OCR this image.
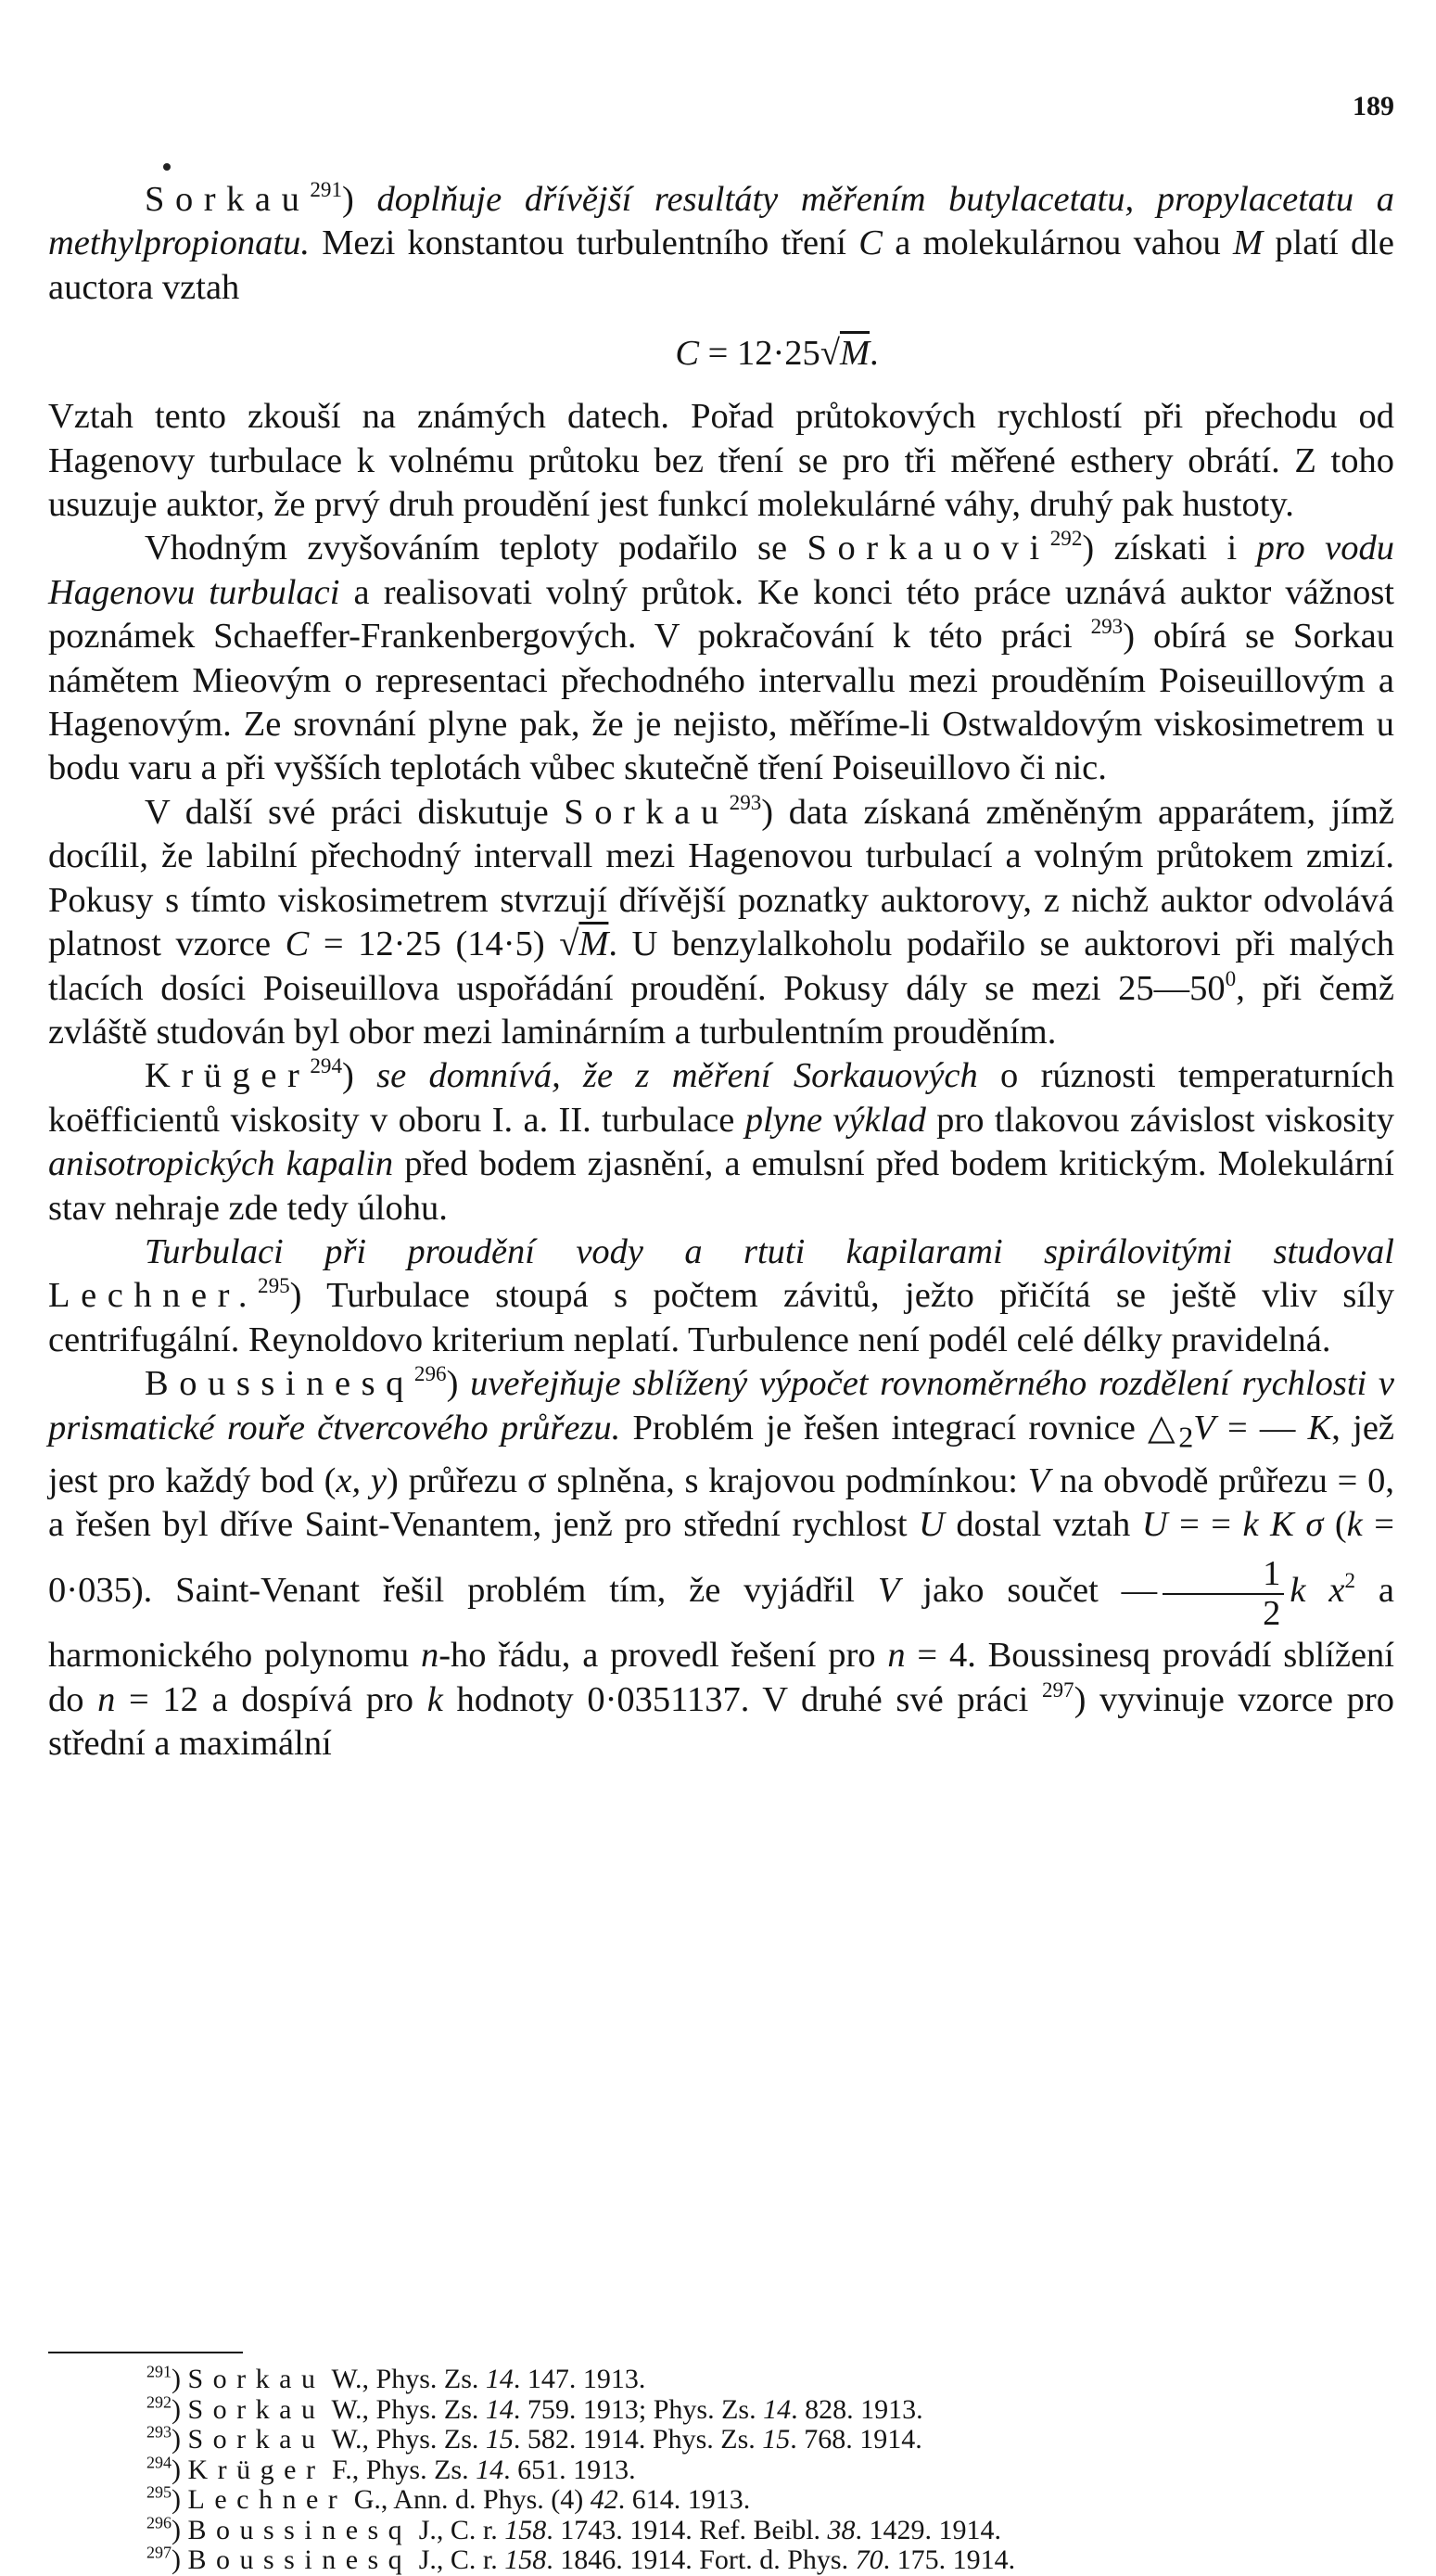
189

Sorkau$^{291}$) doplňuje dřívější resultáty měřením butylacetatu, propylacetatu a methylpropionatu. Mezi konstantou turbulentního tření C a molekulárnou vahou M platí dle auctora vztah

C = 12·25√M.

Vztah tento zkouší na známých datech. Pořad průtokových rychlostí při přechodu od Hagenovy turbulace k volnému průtoku bez tření se pro tři měřené esthery obrátí. Z toho usuzuje auktor, že prvý druh proudění jest funkcí molekulárné váhy, druhý pak hustoty.

Vhodným zvyšováním teploty podařilo se Sorkauovi$^{292}$) získati i pro vodu Hagenovu turbulaci a realisovati volný průtok. Ke konci této práce uznává auktor vážnost poznámek Schaeffer-Frankenbergových. V pokračování k této práci $^{293}$) obírá se Sorkau námětem Mieovým o representaci přechodného intervallu mezi prouděním Poiseuillovým a Hagenovým. Ze srovnání plyne pak, že je nejisto, měříme-li Ostwaldovým viskosimetrem u bodu varu a při vyšších teplotách vůbec skutečně tření Poiseuillovo či nic.

V další své práci diskutuje Sorkau$^{293}$) data získaná změněným apparátem, jímž docílil, že labilní přechodný intervall mezi Hagenovou turbulací a volným průtokem zmizí. Pokusy s tímto viskosimetrem stvrzují dřívější poznatky auktorovy, z nichž auktor odvolává platnost vzorce C = 12·25 (14·5) √M. U benzylalkoholu podařilo se auktorovi při malých tlacích dosíci Poiseuillova uspořádání proudění. Pokusy dály se mezi $25—50^0$, při čemž zvláště studován byl obor mezi laminárním a turbulentním prouděním.

Krüger$^{294}$) se domnívá, že z měření Sorkauových o rúznosti temperaturních koëfficientů viskosity v oboru I. a. II. turbulace plyne výklad pro tlakovou závislost viskosity anisotropických kapalin před bodem zjasnění, a emulsní před bodem kritickým. Molekulární stav nehraje zde tedy úlohu.

Turbulaci při proudění vody a rtuti kapilarami spirálovitými studoval Lechner.$^{295}$) Turbulace stoupá s počtem závitů, ježto přičítá se ještě vliv síly centrifugální. Reynoldovo kriterium neplatí. Turbulence není podél celé délky pravidelná.

Boussinesq$^{296}$) uveřejňuje sblížený výpočet rovnoměrného rozdělení rychlosti v prismatické rouře čtvercového průřezu. Problém je řešen integrací rovnice $\triangle_2V$ = — K, jež jest pro každý bod (x, y) průřezu σ splněna, s krajovou podmínkou: V na obvodě průřezu = 0, a řešen byl dříve Saint-Venantem, jenž pro střední rychlost U dostal vztah U = = k K σ (k = 0·035). Saint-Venant řešil problém tím, že vyjádřil V jako součet — $\frac{1}{2}$ k $x^2$ a harmonického polynomu n-ho řádu, a provedl řešení pro n = 4. Boussinesq provádí sblížení do n = 12 a dospívá pro k hodnoty 0·0351137. V druhé své práci $^{297}$) vyvinuje vzorce pro střední a maximální

$^{291}$) Sorkau W., Phys. Zs. 14. 147. 1913.
$^{292}$) Sorkau W., Phys. Zs. 14. 759. 1913; Phys. Zs. 14. 828. 1913.
$^{293}$) Sorkau W., Phys. Zs. 15. 582. 1914. Phys. Zs. 15. 768. 1914.
$^{294}$) Krüger F., Phys. Zs. 14. 651. 1913.
$^{295}$) Lechner G., Ann. d. Phys. (4) 42. 614. 1913.
$^{296}$) Boussinesq J., C. r. 158. 1743. 1914. Ref. Beibl. 38. 1429. 1914.
$^{297}$) Boussinesq J., C. r. 158. 1846. 1914. Fort. d. Phys. 70. 175. 1914.
